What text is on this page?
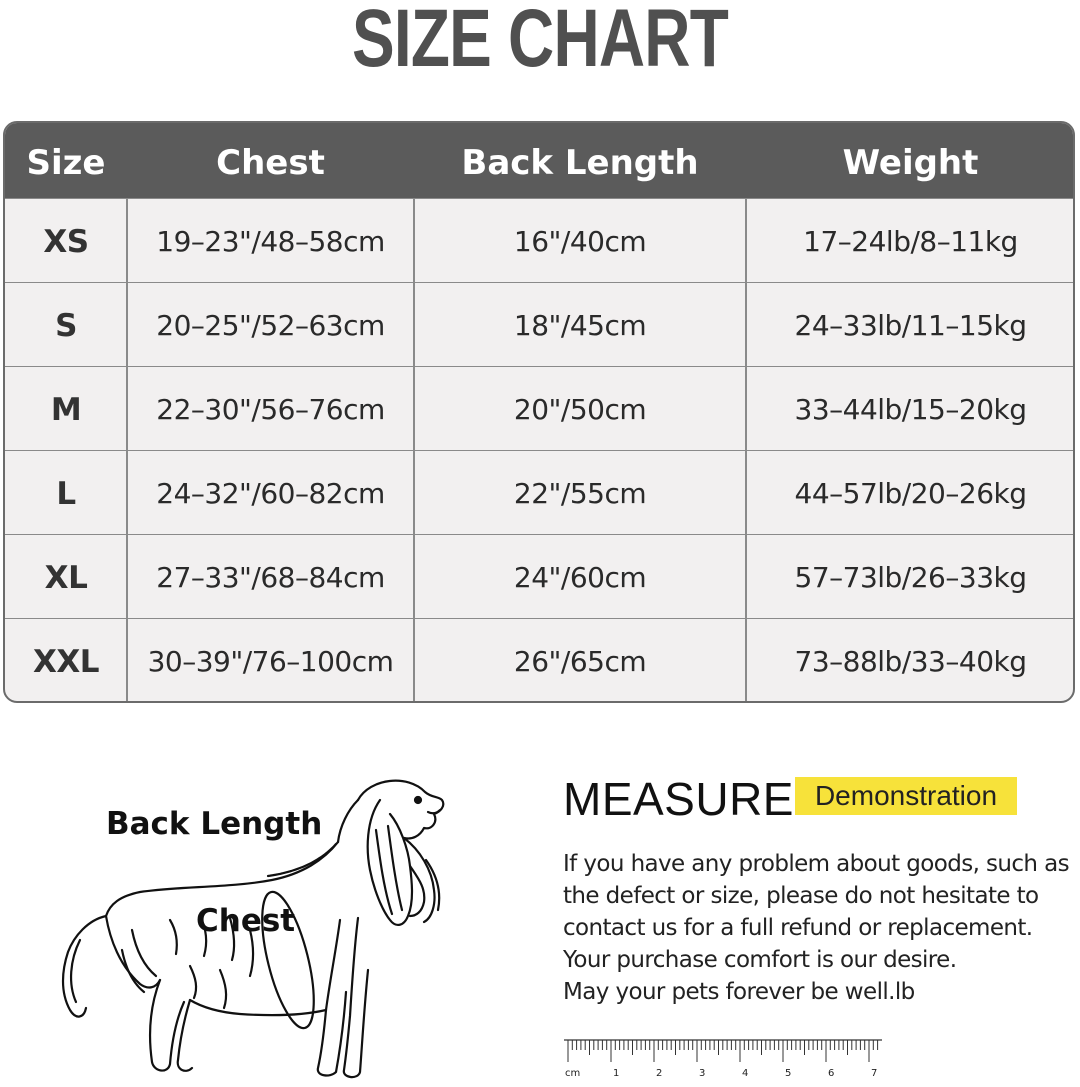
SIZE CHART
Size	Chest	Back Length	Weight
XS	19–23"/48–58cm	16"/40cm	17–24lb/8–11kg
S	20–25"/52–63cm	18"/45cm	24–33lb/11–15kg
M	22–30"/56–76cm	20"/50cm	33–44lb/15–20kg
L	24–32"/60–82cm	22"/55cm	44–57lb/20–26kg
XL	27–33"/68–84cm	24"/60cm	57–73lb/26–33kg
XXL	30–39"/76–100cm	26"/65cm	73–88lb/33–40kg
Back Length
Chest
MEASURE Demonstration
If you have any problem about goods, such as
the defect or size, please do not hesitate to
contact us for a full refund or replacement.
Your purchase comfort is our desire.
May your pets forever be well.lb
cm	1	2	3	4	5	6	7
